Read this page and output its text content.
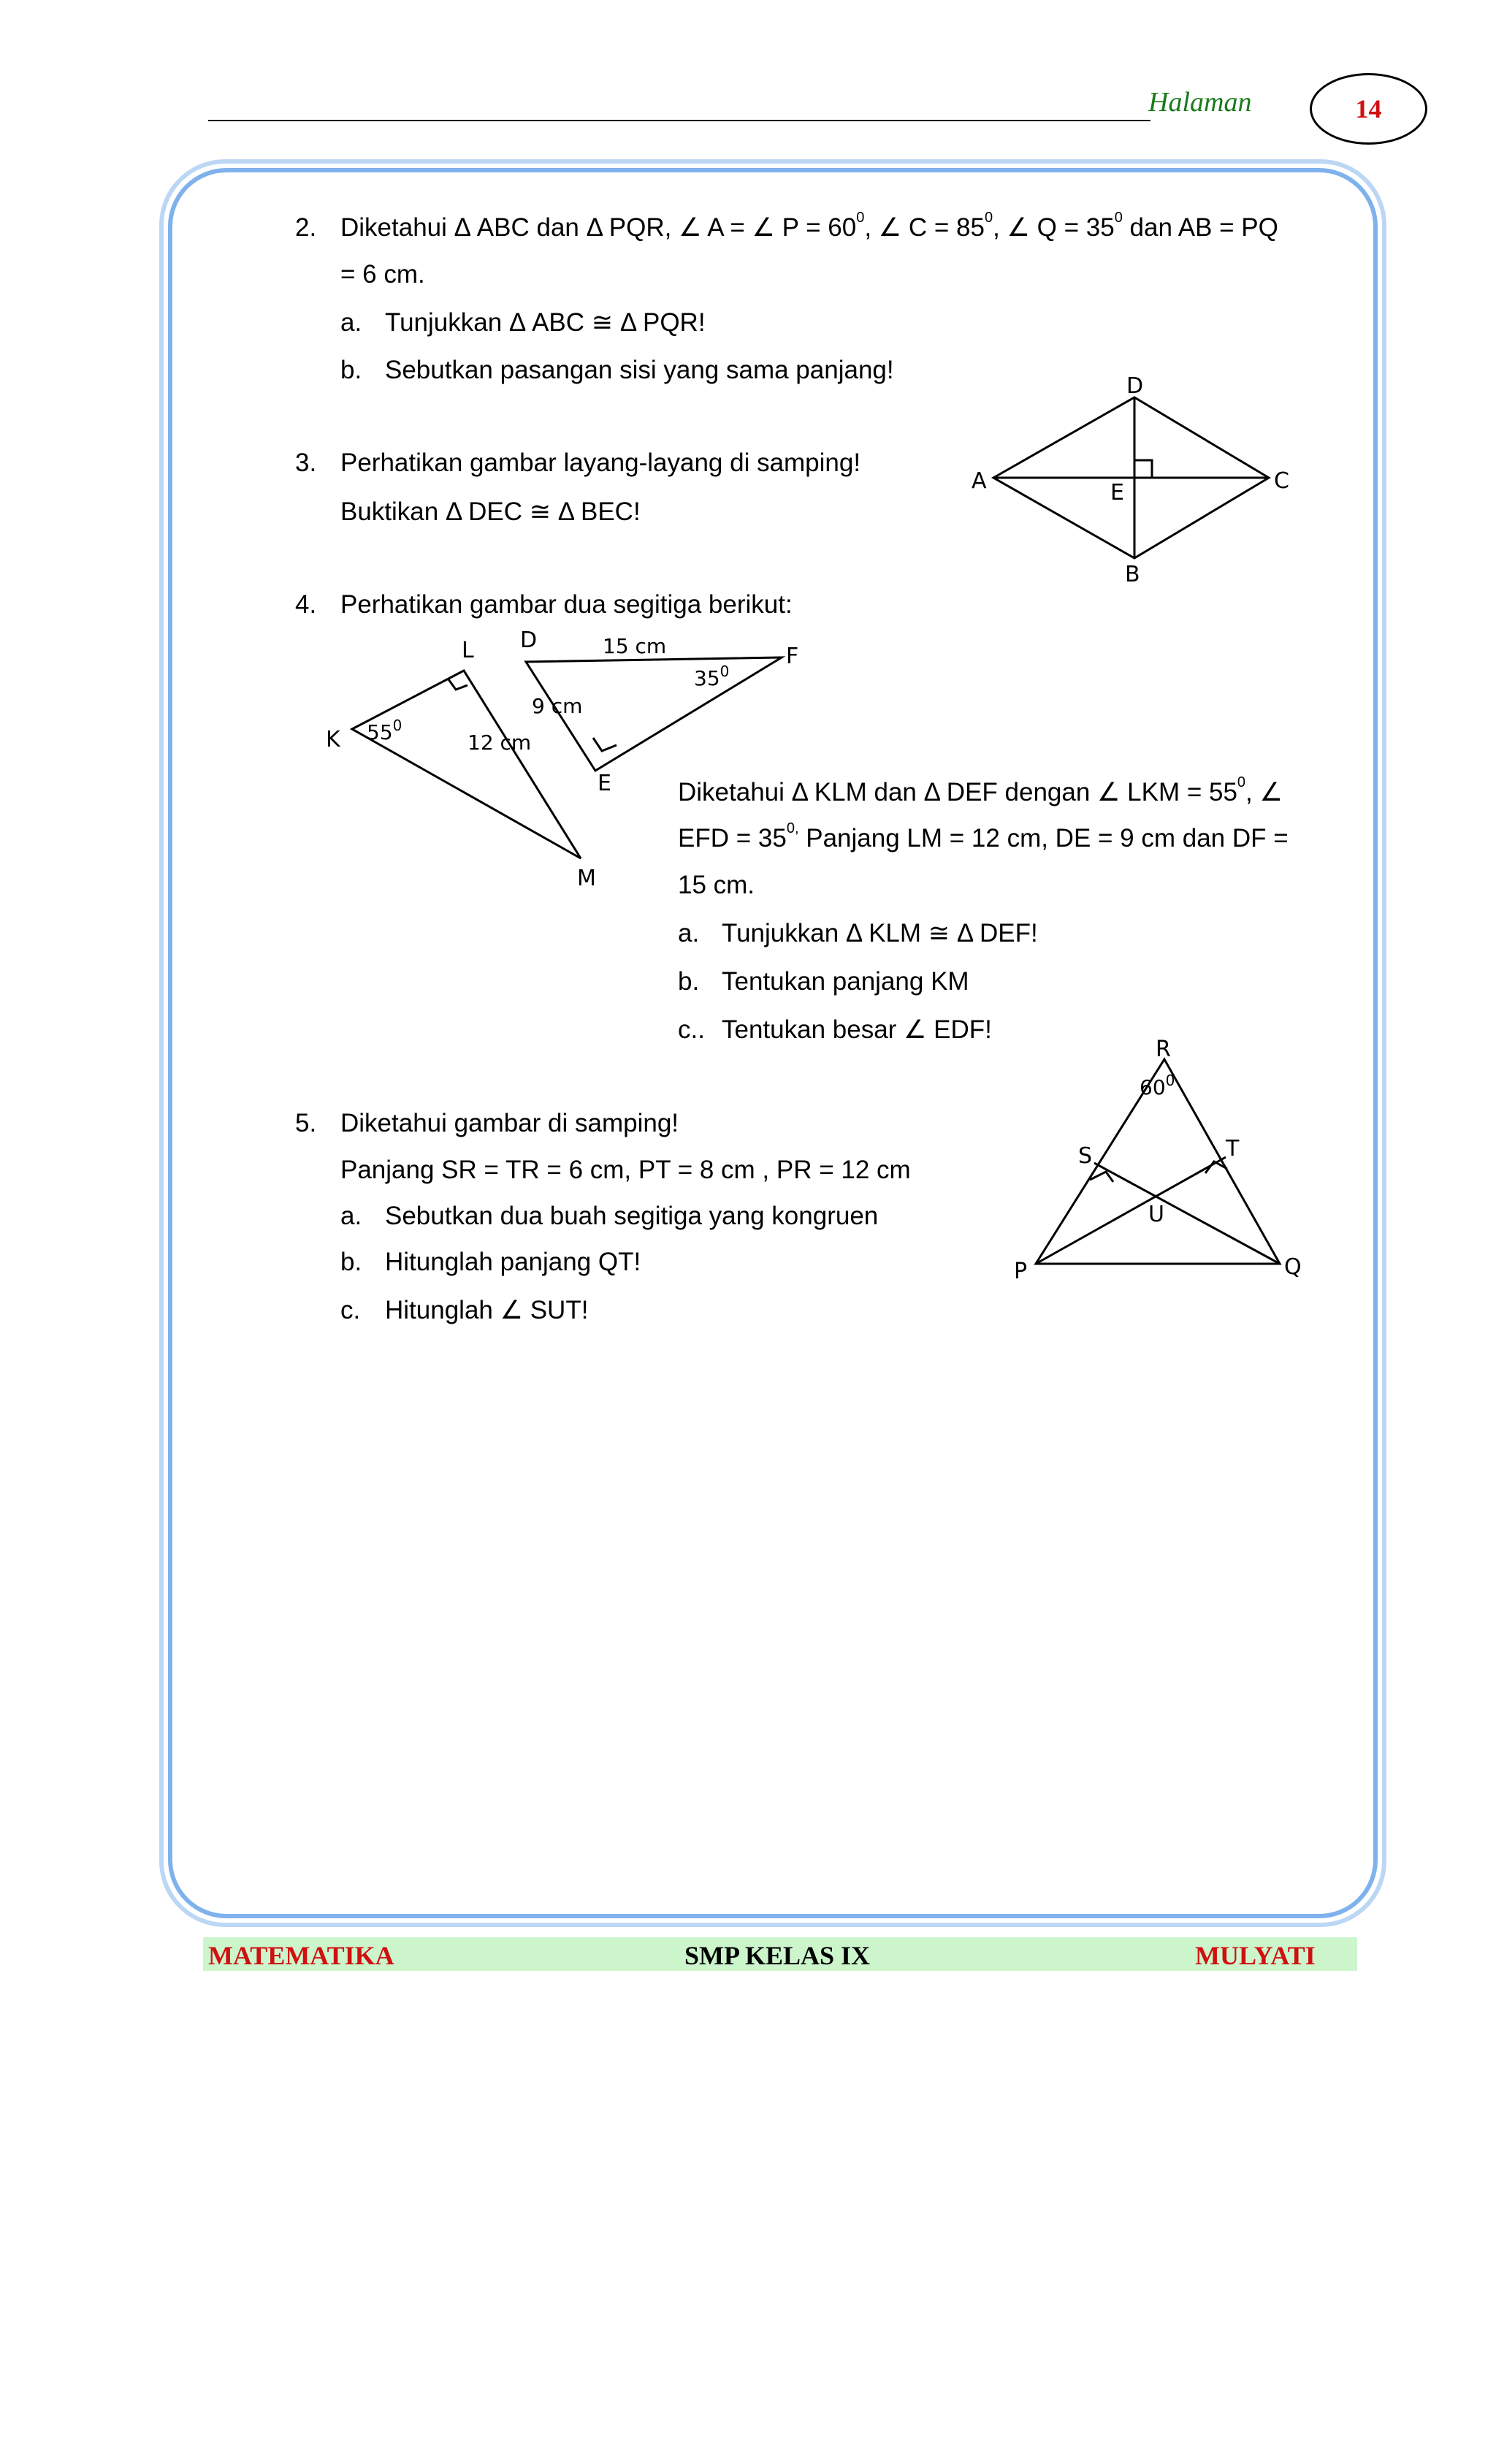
Halaman	14
2. Diketahui Δ ABC dan Δ PQR, ∠ A = ∠ $P = 60^0$, ∠ $C = 85^0$, ∠ $Q = 35^0$ dan AB = PQ
= 6 cm.
a. Tunjukkan Δ ABC ≅ Δ PQR!
b. Sebutkan pasangan sisi yang sama panjang!
3. Perhatikan gambar layang-layang di samping!
Buktikan Δ DEC ≅ Δ BEC!
D
A	C
E
B
4. Perhatikan gambar dua segitiga berikut:
L
K
M
$55^0$
12 cm
D
F
E
15 cm
$35^0$
9 cm
Diketahui Δ KLM dan Δ DEF dengan ∠ LKM = $55^0$, ∠
EFD = $35^{0,}$ Panjang LM = 12 cm, DE = 9 cm dan DF =
15 cm.
a. Tunjukkan Δ KLM ≅ Δ DEF!
b. Tentukan panjang KM
c.. Tentukan besar ∠ EDF!
5. Diketahui gambar di samping!
Panjang SR = TR = 6 cm, PT = 8 cm , PR = 12 cm
a. Sebutkan dua buah segitiga yang kongruen
b. Hitunglah panjang QT!
c. Hitunglah ∠ SUT!
R
$60^0$
S	T
U
P	Q
MATEMATIKA	SMP KELAS IX	MULYATI
